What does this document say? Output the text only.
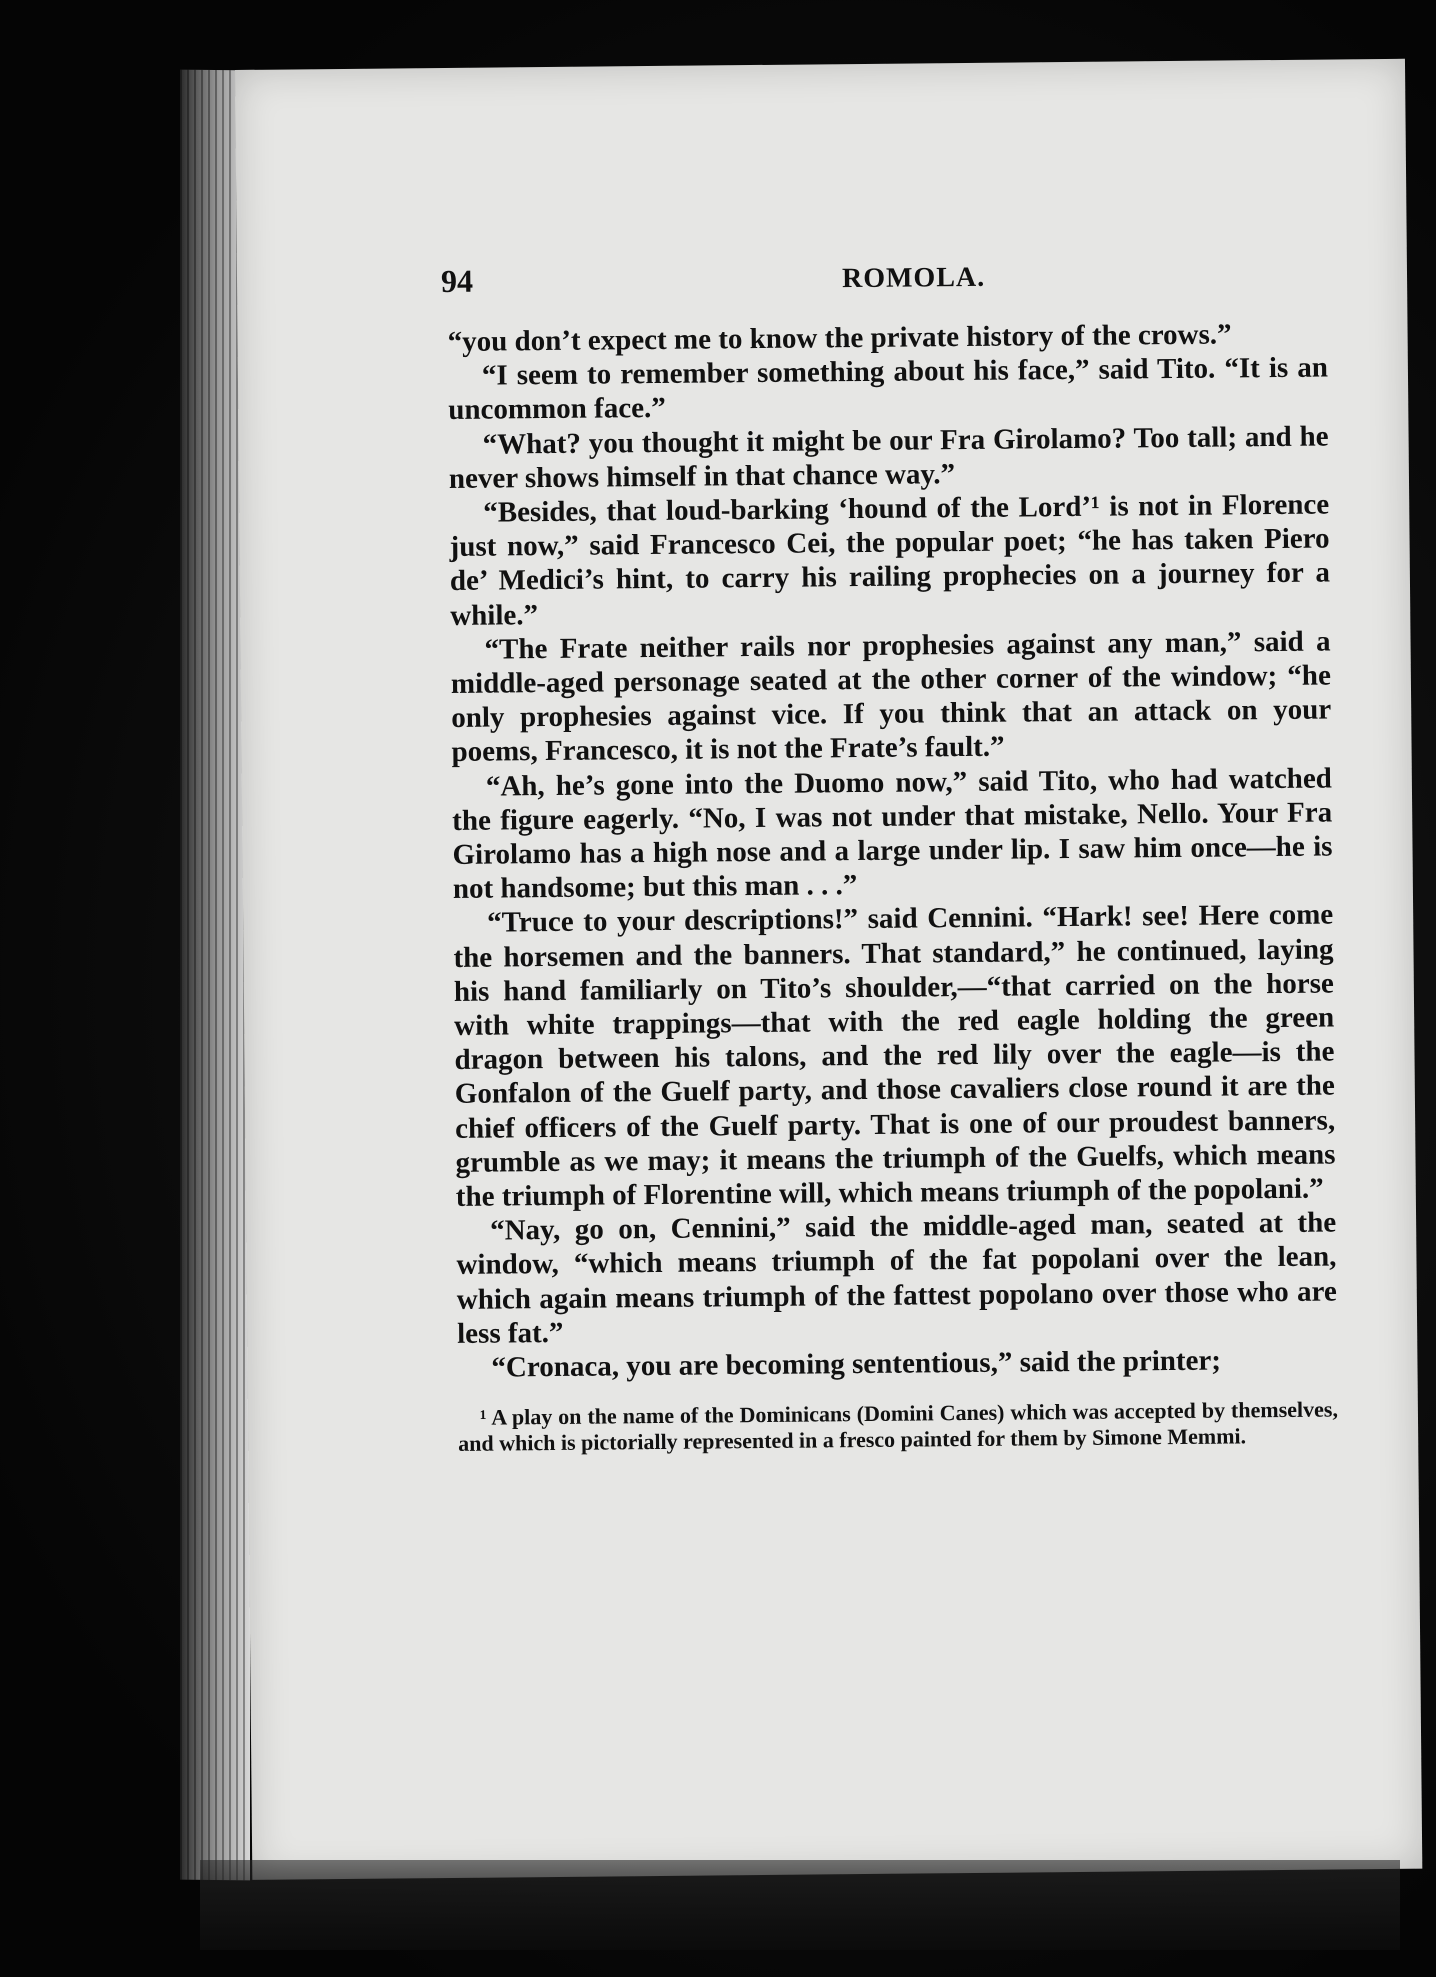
94	ROMOLA.

“you don’t expect me to know the private history of the crows.”

“I seem to remember something about his face,” said Tito. “It is an uncommon face.”

“What? you thought it might be our Fra Girolamo? Too tall; and he never shows himself in that chance way.”

“Besides, that loud-barking ‘hound of the Lord’¹ is not in Florence just now,” said Francesco Cei, the popular poet; “he has taken Piero de’ Medici’s hint, to carry his railing prophecies on a journey for a while.”

“The Frate neither rails nor prophesies against any man,” said a middle-aged personage seated at the other corner of the window; “he only prophesies against vice. If you think that an attack on your poems, Francesco, it is not the Frate’s fault.”

“Ah, he’s gone into the Duomo now,” said Tito, who had watched the figure eagerly. “No, I was not under that mistake, Nello. Your Fra Girolamo has a high nose and a large under lip. I saw him once—he is not handsome; but this man . . .”

“Truce to your descriptions!” said Cennini. “Hark! see! Here come the horsemen and the banners. That standard,” he continued, laying his hand familiarly on Tito’s shoulder,—“that carried on the horse with white trappings—that with the red eagle holding the green dragon between his talons, and the red lily over the eagle—is the Gonfalon of the Guelf party, and those cavaliers close round it are the chief officers of the Guelf party. That is one of our proudest banners, grumble as we may; it means the triumph of the Guelfs, which means the triumph of Florentine will, which means triumph of the popolani.”

“Nay, go on, Cennini,” said the middle-aged man, seated at the window, “which means triumph of the fat popolani over the lean, which again means triumph of the fattest popolano over those who are less fat.”

“Cronaca, you are becoming sententious,” said the printer;

¹ A play on the name of the Dominicans (Domini Canes) which was accepted by themselves, and which is pictorially represented in a fresco painted for them by Simone Memmi.
